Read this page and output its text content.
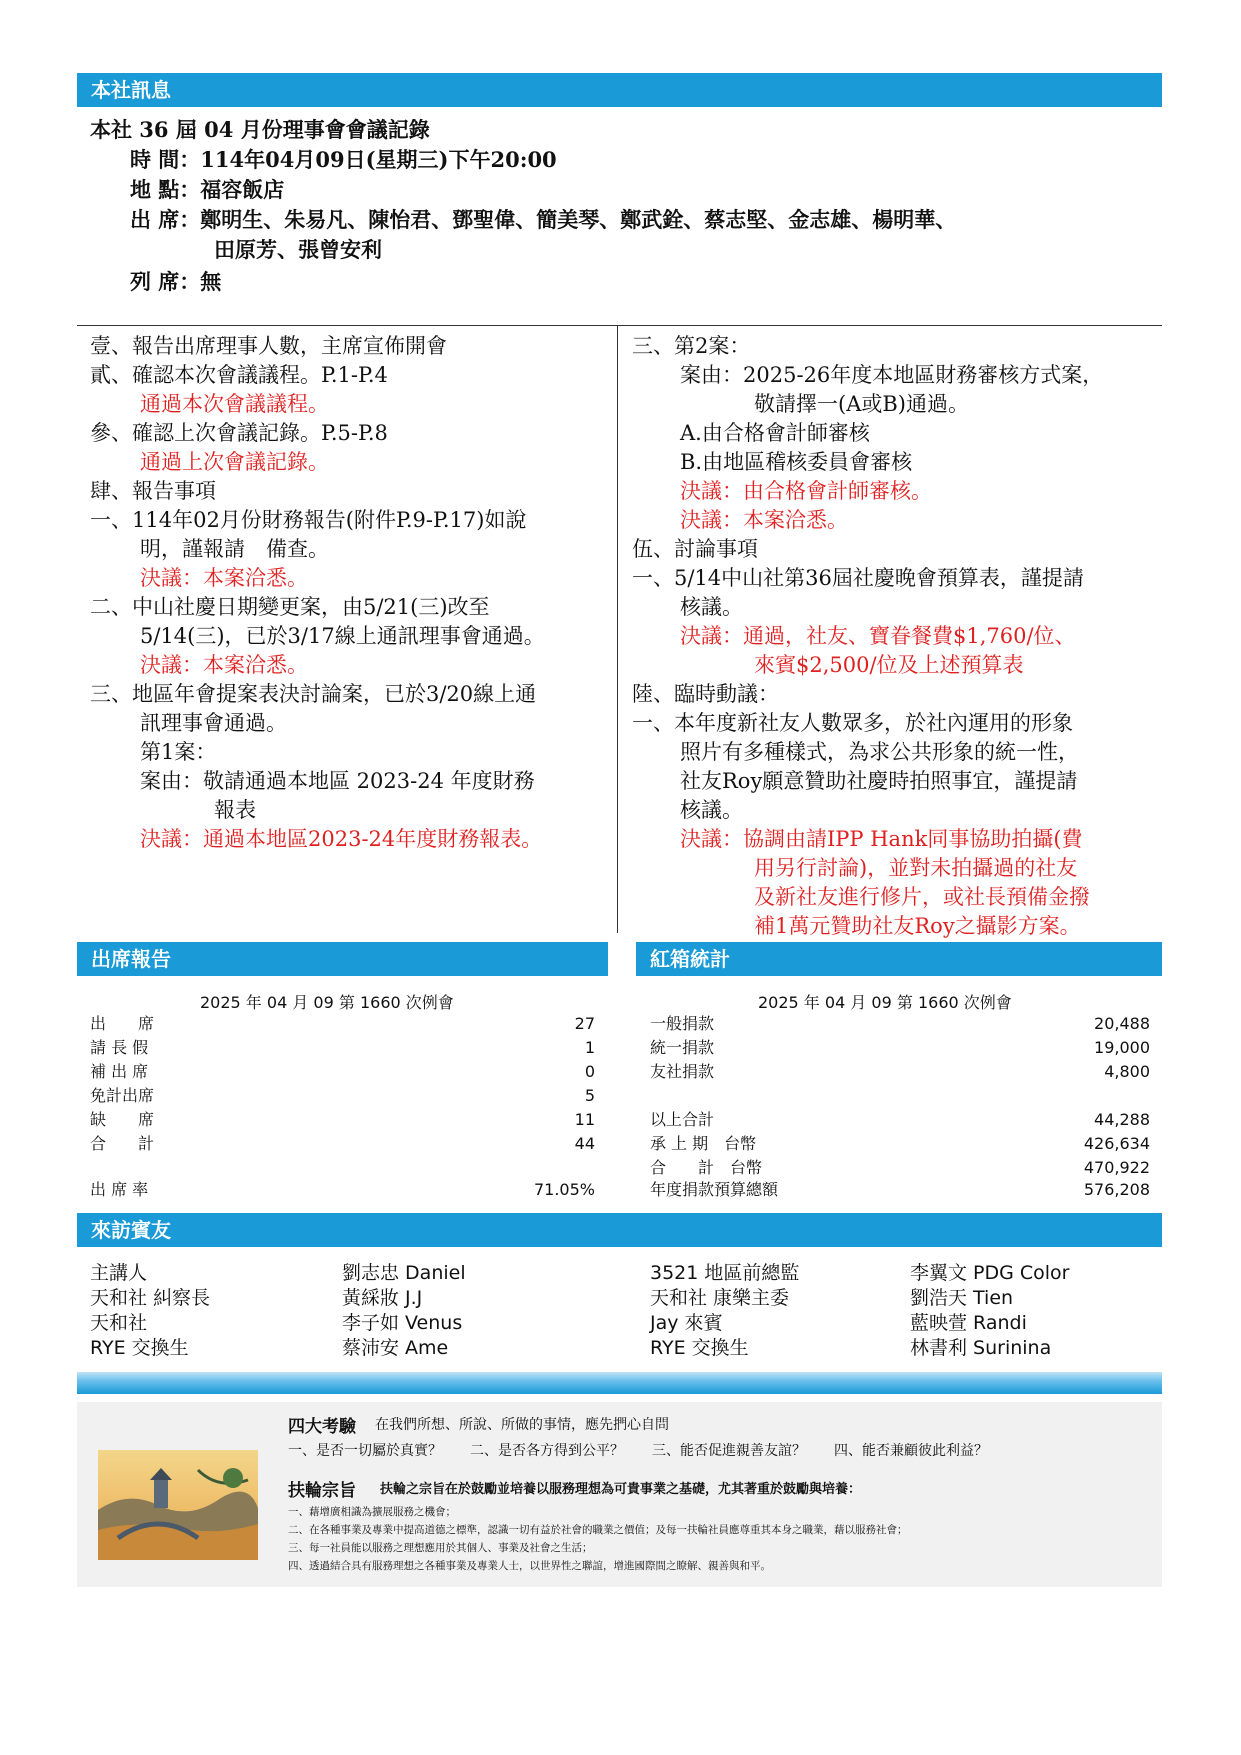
本社訊息
本社 36 屆 04 月份理事會會議記錄
時 間：114年04月09日(星期三)下午20:00
地 點：福容飯店
出 席：鄭明生、朱易凡、陳怡君、鄧聖偉、簡美琴、鄭武銓、蔡志堅、金志雄、楊明華、
田原芳、張曾安利
列 席：無
壹、報告出席理事人數，主席宣佈開會
貳、確認本次會議議程。P.1-P.4
通過本次會議議程。
參、確認上次會議記錄。P.5-P.8
通過上次會議記錄。
肆、報告事項
一、114年02月份財務報告(附件P.9-P.17)如說
明，謹報請　備查。
決議：本案洽悉。
二、中山社慶日期變更案，由5/21(三)改至
5/14(三)，已於3/17線上通訊理事會通過。
決議：本案洽悉。
三、地區年會提案表決討論案，已於3/20線上通
訊理事會通過。
第1案：
案由：敬請通過本地區 2023-24 年度財務
報表
決議：通過本地區2023-24年度財務報表。
三、第2案：
案由：2025-26年度本地區財務審核方式案，
敬請擇一(A或B)通過。
A.由合格會計師審核
B.由地區稽核委員會審核
決議：由合格會計師審核。
決議：本案洽悉。
伍、討論事項
一、5/14中山社第36屆社慶晚會預算表，謹提請
核議。
決議：通過，社友、寶眷餐費$1,760/位、
來賓$2,500/位及上述預算表
陸、臨時動議：
一、本年度新社友人數眾多，於社內運用的形象
照片有多種樣式，為求公共形象的統一性，
社友Roy願意贊助社慶時拍照事宜，謹提請
核議。
決議：協調由請IPP Hank同事協助拍攝(費
用另行討論)，並對未拍攝過的社友
及新社友進行修片，或社長預備金撥
補1萬元贊助社友Roy之攝影方案。
出席報告	紅箱統計
2025 年 04 月 09 第 1660 次例會
出　　席	27
請 長 假	1
補 出 席	0
免計出席	5
缺　　席	11
合　　計	44
出 席 率	71.05%
2025 年 04 月 09 第 1660 次例會
一般捐款	20,488
統一捐款	19,000
友社捐款	4,800
以上合計	44,288
承 上 期　台幣	426,634
合　　計　台幣	470,922
年度捐款預算總額	576,208
來訪賓友
主講人	劉志忠 Daniel	3521 地區前總監	李翼文 PDG Color
天和社 糾察長	黃綵妝 J.J	天和社 康樂主委	劉浩天 Tien
天和社	李子如 Venus	Jay 來賓	藍映萱 Randi
RYE 交換生	蔡沛安 Ame	RYE 交換生	林書利 Surinina
四大考驗 在我們所想、所說、所做的事情，應先捫心自問
一、是否一切屬於真實？　　二、是否各方得到公平？　　三、能否促進親善友誼？　　四、能否兼顧彼此利益？
扶輪宗旨 扶輪之宗旨在於鼓勵並培養以服務理想為可貴事業之基礎，尤其著重於鼓勵與培養：
一、藉增廣相識為擴展服務之機會；
二、在各種事業及專業中提高道德之標準，認識一切有益於社會的職業之價值；及每一扶輪社員應尊重其本身之職業，藉以服務社會；
三、每一社員能以服務之理想應用於其個人、事業及社會之生活；
四、透過結合具有服務理想之各種事業及專業人士，以世界性之聯誼，增進國際間之瞭解、親善與和平。
